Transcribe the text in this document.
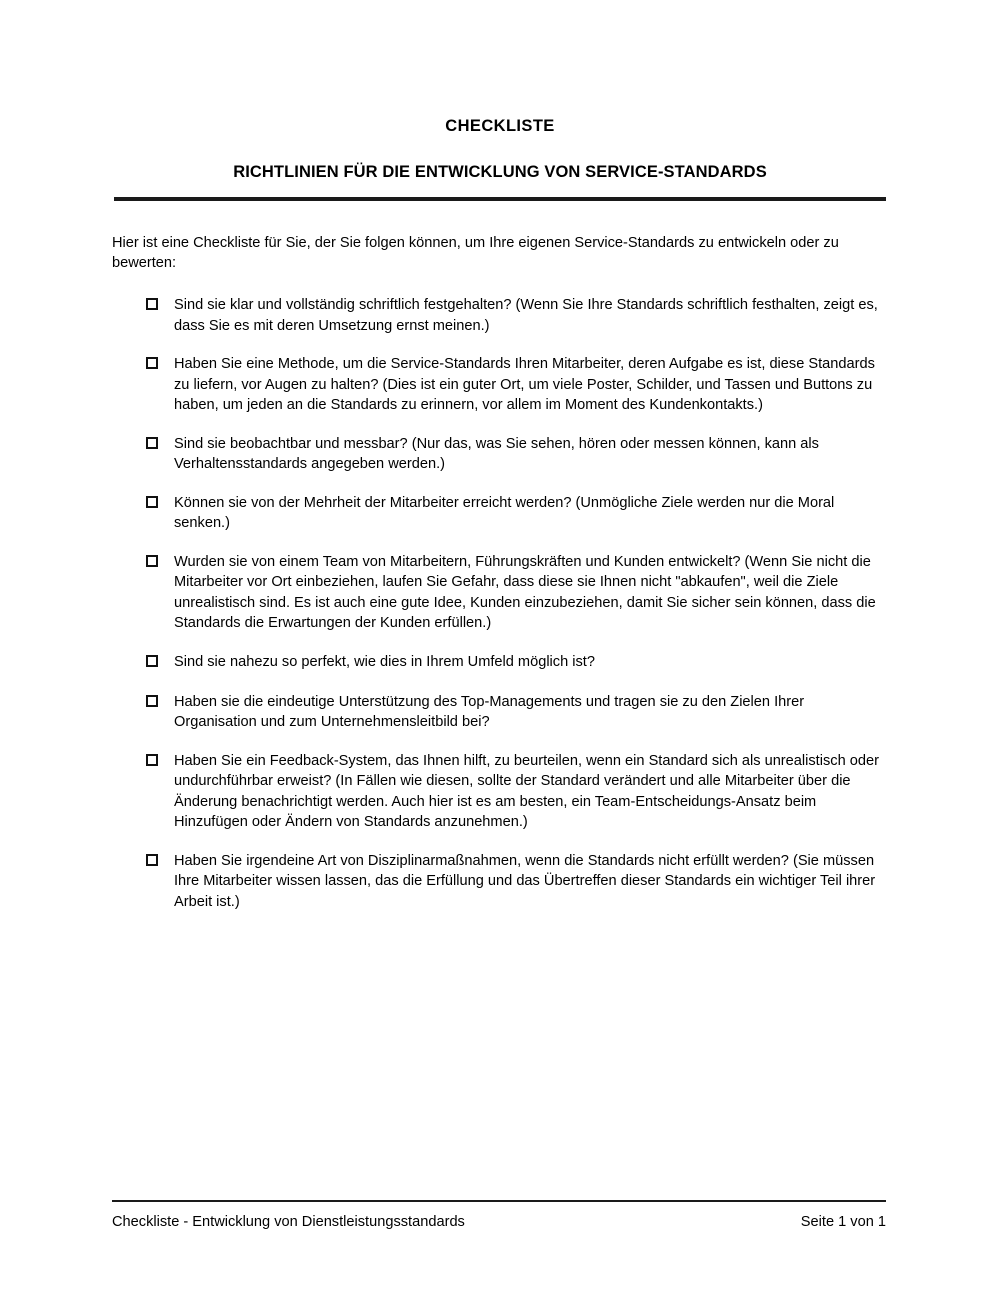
CHECKLISTE
RICHTLINIEN FÜR DIE ENTWICKLUNG VON SERVICE-STANDARDS

Hier ist eine Checkliste für Sie, der Sie folgen können, um Ihre eigenen Service-Standards zu entwickeln oder zu bewerten:

Sind sie klar und vollständig schriftlich festgehalten? (Wenn Sie Ihre Standards schriftlich festhalten, zeigt es, dass Sie es mit deren Umsetzung ernst meinen.)
Haben Sie eine Methode, um die Service-Standards Ihren Mitarbeiter, deren Aufgabe es ist, diese Standards zu liefern, vor Augen zu halten? (Dies ist ein guter Ort, um viele Poster, Schilder, und Tassen und Buttons zu haben, um jeden an die Standards zu erinnern, vor allem im Moment des Kundenkontakts.)
Sind sie beobachtbar und messbar? (Nur das, was Sie sehen, hören oder messen können, kann als Verhaltensstandards angegeben werden.)
Können sie von der Mehrheit der Mitarbeiter erreicht werden? (Unmögliche Ziele werden nur die Moral senken.)
Wurden sie von einem Team von Mitarbeitern, Führungskräften und Kunden entwickelt? (Wenn Sie nicht die Mitarbeiter vor Ort einbeziehen, laufen Sie Gefahr, dass diese sie Ihnen nicht "abkaufen", weil die Ziele unrealistisch sind. Es ist auch eine gute Idee, Kunden einzubeziehen, damit Sie sicher sein können, dass die Standards die Erwartungen der Kunden erfüllen.)
Sind sie nahezu so perfekt, wie dies in Ihrem Umfeld möglich ist?
Haben sie die eindeutige Unterstützung des Top-Managements und tragen sie zu den Zielen Ihrer Organisation und zum Unternehmensleitbild bei?
Haben Sie ein Feedback-System, das Ihnen hilft, zu beurteilen, wenn ein Standard sich als unrealistisch oder undurchführbar erweist? (In Fällen wie diesen, sollte der Standard verändert und alle Mitarbeiter über die Änderung benachrichtigt werden. Auch hier ist es am besten, ein Team-Entscheidungs-Ansatz beim Hinzufügen oder Ändern von Standards anzunehmen.)
Haben Sie irgendeine Art von Disziplinarmaßnahmen, wenn die Standards nicht erfüllt werden? (Sie müssen Ihre Mitarbeiter wissen lassen, das die Erfüllung und das Übertreffen dieser Standards ein wichtiger Teil ihrer Arbeit ist.)
Checkliste - Entwicklung von Dienstleistungsstandards	Seite 1 von 1
